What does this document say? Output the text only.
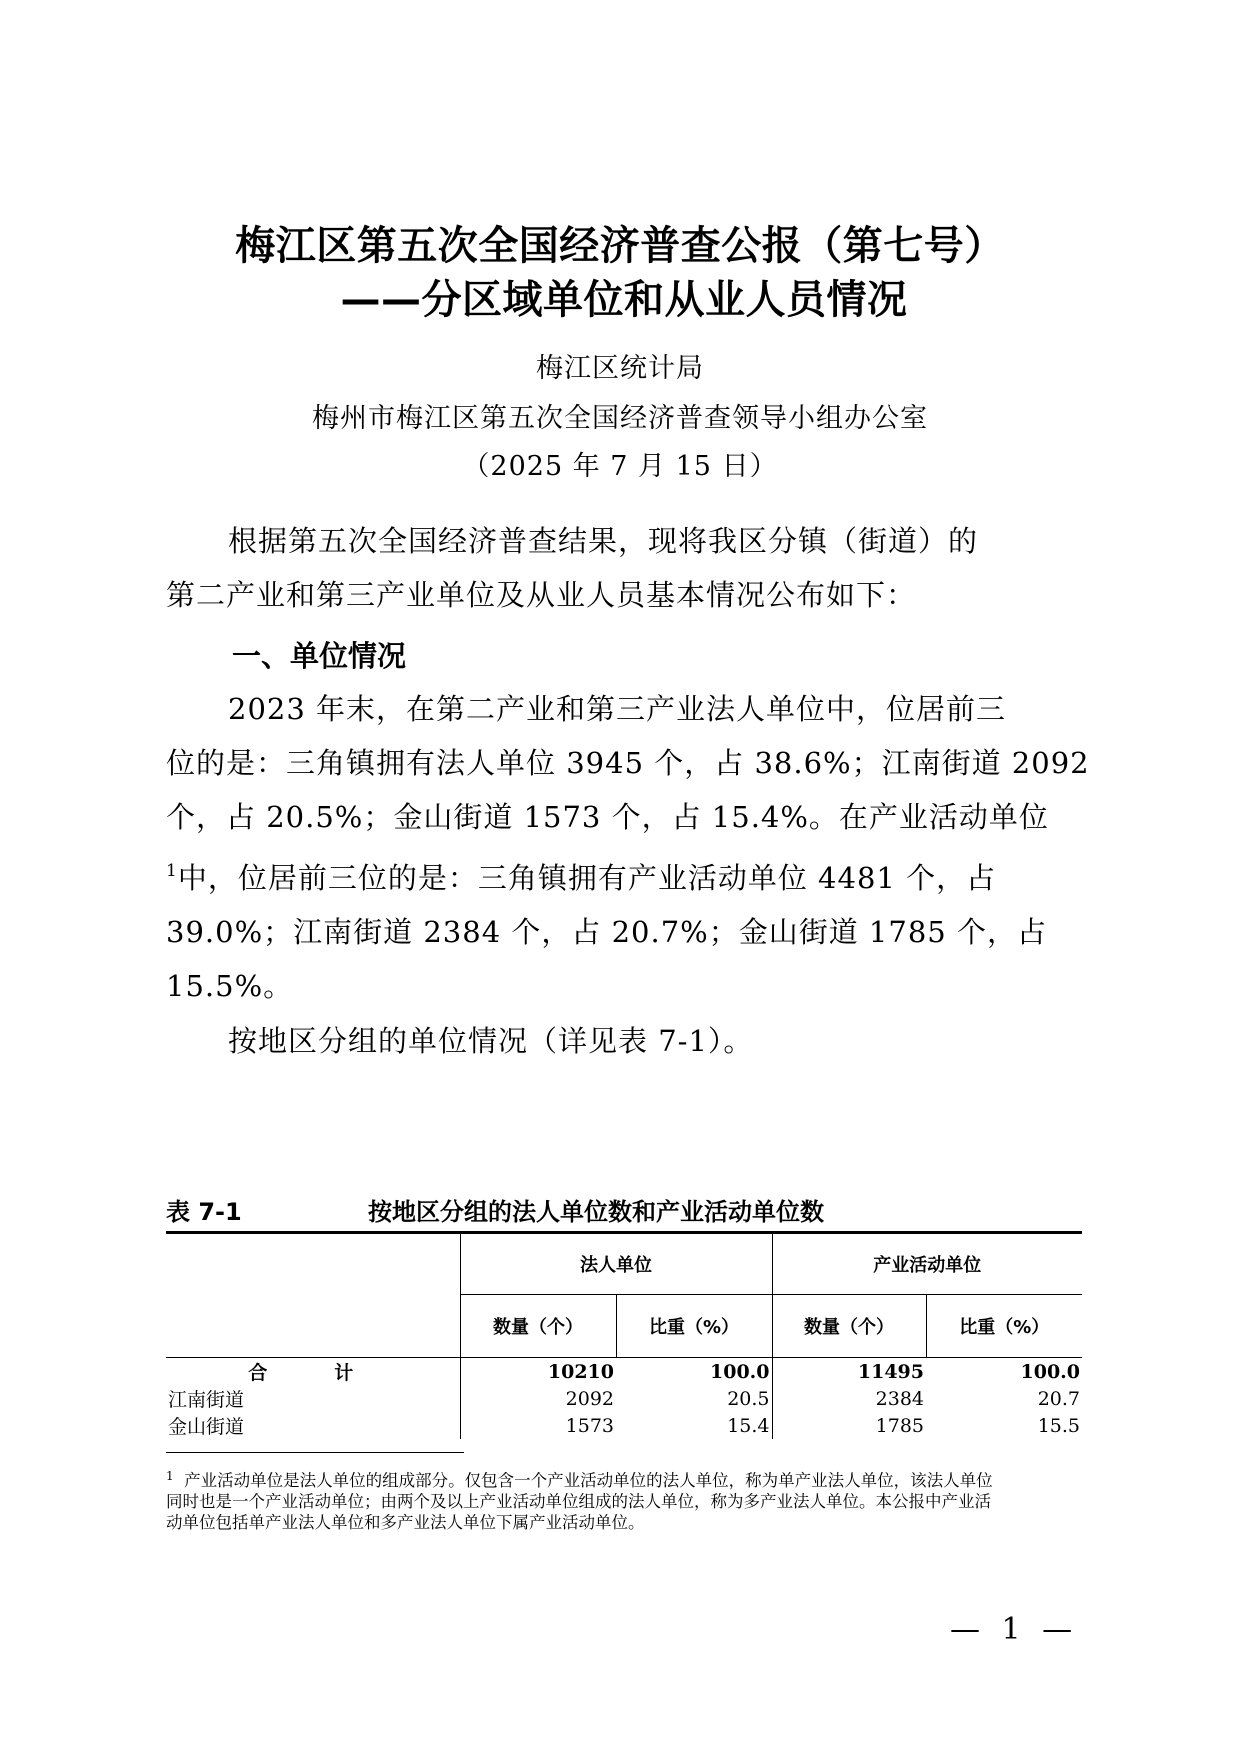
梅江区第五次全国经济普查公报（第七号）
——分区域单位和从业人员情况
梅江区统计局
梅州市梅江区第五次全国经济普查领导小组办公室
（2025 年 7 月 15 日）
根据第五次全国经济普查结果，现将我区分镇（街道）的
第二产业和第三产业单位及从业人员基本情况公布如下：
一、单位情况
2023 年末，在第二产业和第三产业法人单位中，位居前三
位的是：三角镇拥有法人单位 3945 个，占 38.6%；江南街道 2092
个，占 20.5%；金山街道 1573 个，占 15.4%。在产业活动单位
$^1$中，位居前三位的是：三角镇拥有产业活动单位 4481 个，占
39.0%；江南街道 2384 个，占 20.7%；金山街道 1785 个，占
15.5%。
按地区分组的单位情况（详见表 7-1）。
表 7-1	按地区分组的法人单位数和产业活动单位数
	法人单位		产业活动单位	
	数量（个）	比重（%）	数量（个）	比重（%）
合　计	10210	100.0	11495	100.0
江南街道	2092	20.5	2384	20.7
金山街道	1573	15.4	1785	15.5
$^1$ 产业活动单位是法人单位的组成部分。仅包含一个产业活动单位的法人单位，称为单产业法人单位，该法人单位
同时也是一个产业活动单位；由两个及以上产业活动单位组成的法人单位，称为多产业法人单位。本公报中产业活
动单位包括单产业法人单位和多产业法人单位下属产业活动单位。
— 1 —
